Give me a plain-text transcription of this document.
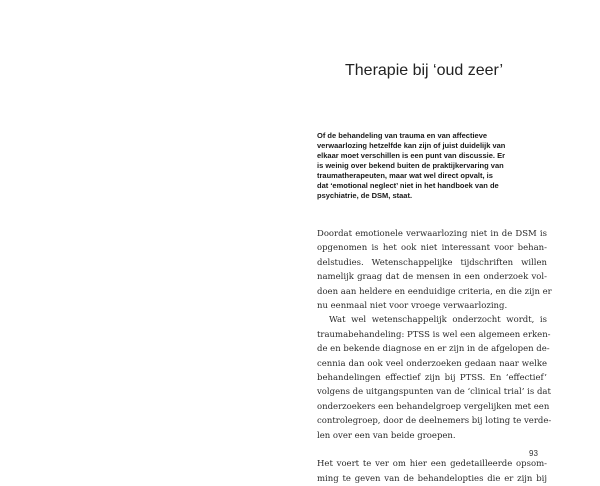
Therapie bij ‘oud zeer’
Of de behandeling van trauma en van affectieve
verwaarlozing hetzelfde kan zijn of juist duidelijk van
elkaar moet verschillen is een punt van discussie. Er
is weinig over bekend buiten de praktijkervaring van
traumatherapeuten, maar wat wel direct opvalt, is
dat ‘emotional neglect’ niet in het handboek van de
psychiatrie, de DSM, staat.

Doordat emotionele verwaarlozing niet in de DSM is
opgenomen is het ook niet interessant voor behan-
delstudies. Wetenschappelijke tijdschriften willen
namelijk graag dat de mensen in een onderzoek vol-
doen aan heldere en eenduidige criteria, en die zijn er
nu eenmaal niet voor vroege verwaarlozing.

Wat wel wetenschappelijk onderzocht wordt, is
traumabehandeling: PTSS is wel een algemeen erken-
de en bekende diagnose en er zijn in de afgelopen de-
cennia dan ook veel onderzoeken gedaan naar welke
behandelingen effectief zijn bij PTSS. En ‘effectief’
volgens de uitgangspunten van de ‘clinical trial’ is dat
onderzoekers een behandelgroep vergelijken met een
controlegroep, door de deelnemers bij loting te verde-
len over een van beide groepen.

Het voert te ver om hier een gedetailleerde opsom-
ming te geven van de behandelopties die er zijn bij

93
